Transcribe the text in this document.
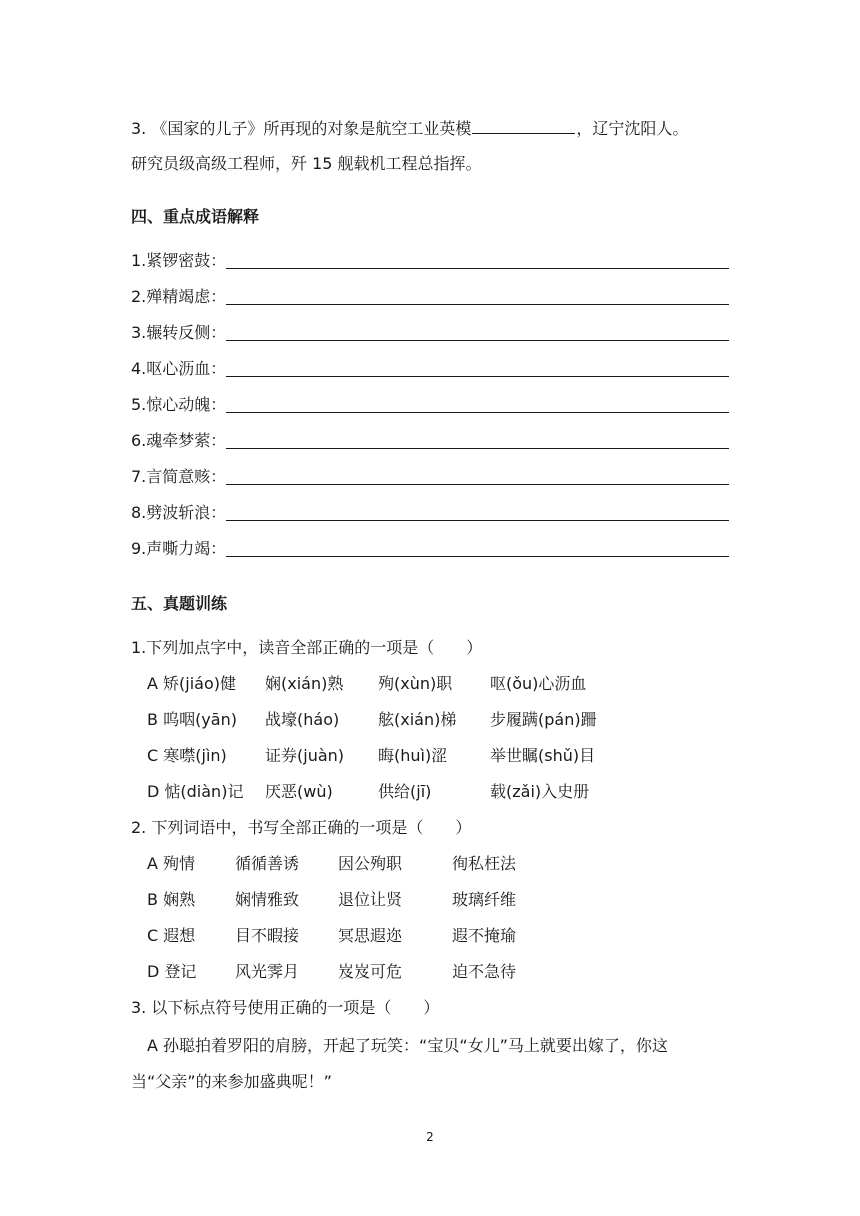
3. 《国家的儿子》所再现的对象是航空工业英模	，辽宁沈阳人。
研究员级高级工程师，歼 15 舰载机工程总指挥。
四、重点成语解释
1.紧锣密鼓：
2.殚精竭虑：
3.辗转反侧：
4.呕心沥血：
5.惊心动魄：
6.魂牵梦萦：
7.言简意赅：
8.劈波斩浪：
9.声嘶力竭：
五、真题训练
1.下列加点字中，读音全部正确的一项是（　　）
A 矫(jiáo)健 娴(xián)熟 殉(xùn)职 呕(ǒu)心沥血
B 呜咽(yān) 战壕(háo) 舷(xián)梯 步履蹒(pán)跚
C 寒噤(jìn) 证券(juàn) 晦(huì)涩	举世瞩(shǔ)目
D 惦(diàn)记 厌恶(wù)	供给(jī)	载(zǎi)入史册
2. 下列词语中，书写全部正确的一项是（　　）
A 殉情 循循善诱 因公殉职	徇私枉法
B 娴熟 娴情雅致 退位让贤	玻璃纤维
C 遐想 目不暇接 冥思遐迩	遐不掩瑜
D 登记 风光霁月 岌岌可危	迫不急待
3. 以下标点符号使用正确的一项是（　　）
A 孙聪拍着罗阳的肩膀，开起了玩笑：“宝贝“女儿”马上就要出嫁了，你这
当“父亲”的来参加盛典呢！”
2
